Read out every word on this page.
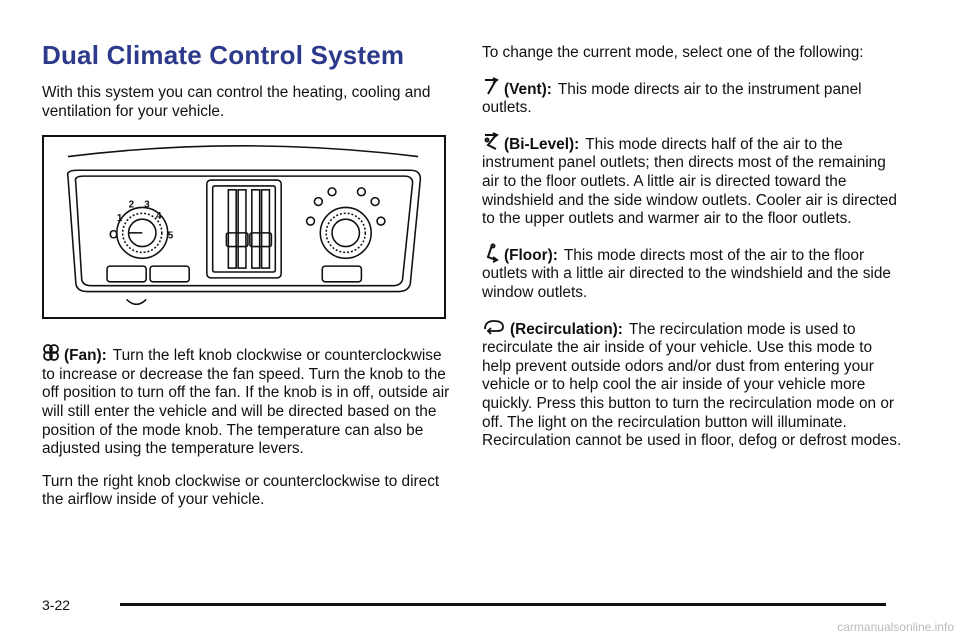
Dual Climate Control System

With this system you can control the heating, cooling and ventilation for your vehicle.

1
2 3
4
5
O

(Fan): Turn the left knob clockwise or counterclockwise to increase or decrease the fan speed. Turn the knob to the off position to turn off the fan. If the knob is in off, outside air will still enter the vehicle and will be directed based on the position of the mode knob. The temperature can also be adjusted using the temperature levers.

Turn the right knob clockwise or counterclockwise to direct the airflow inside of your vehicle.

To change the current mode, select one of the following:

(Vent): This mode directs air to the instrument panel outlets.

(Bi-Level): This mode directs half of the air to the instrument panel outlets; then directs most of the remaining air to the floor outlets. A little air is directed toward the windshield and the side window outlets. Cooler air is directed to the upper outlets and warmer air to the floor outlets.

(Floor): This mode directs most of the air to the floor outlets with a little air directed to the windshield and the side window outlets.

(Recirculation): The recirculation mode is used to recirculate the air inside of your vehicle. Use this mode to help prevent outside odors and/or dust from entering your vehicle or to help cool the air inside of your vehicle more quickly. Press this button to turn the recirculation mode on or off. The light on the recirculation button will illuminate. Recirculation cannot be used in floor, defog or defrost modes.

3-22
carmanualsonline.info
